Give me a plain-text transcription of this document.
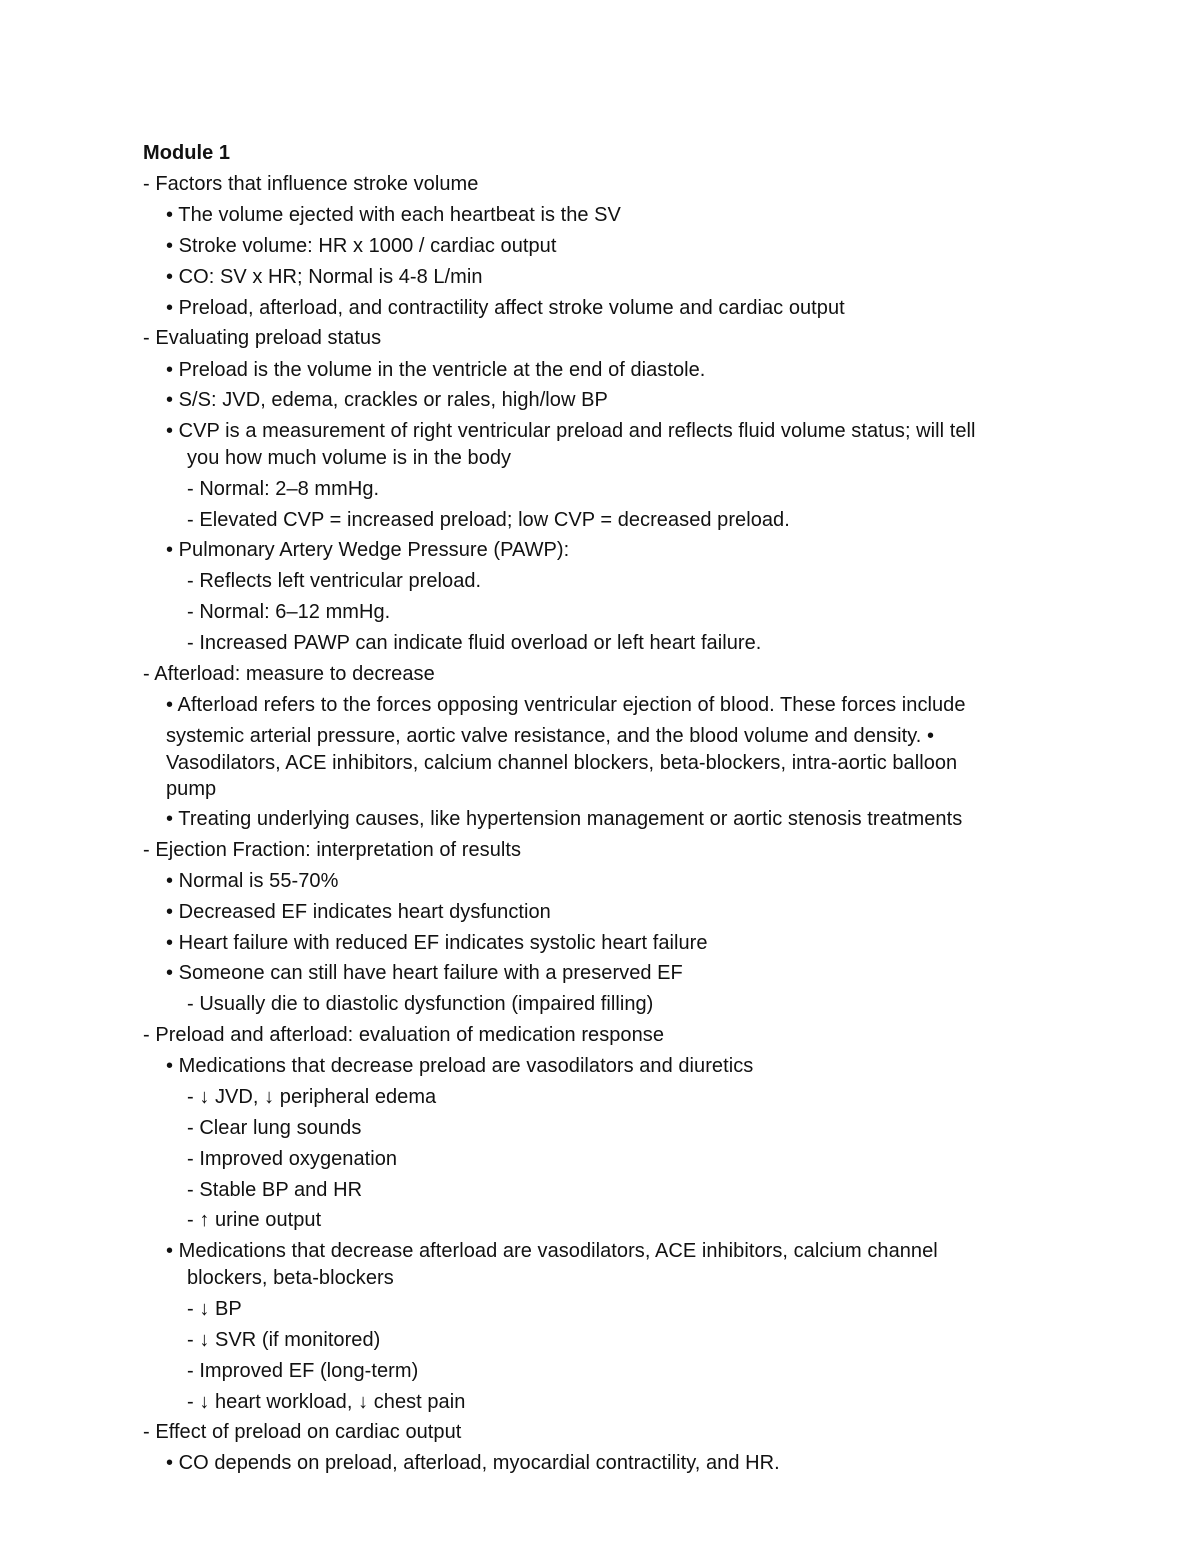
Module 1
- Factors that influence stroke volume
• The volume ejected with each heartbeat is the SV
• Stroke volume: HR x 1000 / cardiac output
• CO: SV x HR; Normal is 4-8 L/min
• Preload, afterload, and contractility affect stroke volume and cardiac output
- Evaluating preload status
• Preload is the volume in the ventricle at the end of diastole.
• S/S: JVD, edema, crackles or rales, high/low BP
• CVP is a measurement of right ventricular preload and reflects fluid volume status; will tell
you how much volume is in the body
- Normal: 2–8 mmHg.
- Elevated CVP = increased preload; low CVP = decreased preload.
• Pulmonary Artery Wedge Pressure (PAWP):
- Reflects left ventricular preload.
- Normal: 6–12 mmHg.
- Increased PAWP can indicate fluid overload or left heart failure.
- Afterload: measure to decrease
• Afterload refers to the forces opposing ventricular ejection of blood. These forces include
systemic arterial pressure, aortic valve resistance, and the blood volume and density. •
Vasodilators, ACE inhibitors, calcium channel blockers, beta-blockers, intra-aortic balloon
pump
• Treating underlying causes, like hypertension management or aortic stenosis treatments
- Ejection Fraction: interpretation of results
• Normal is 55-70%
• Decreased EF indicates heart dysfunction
• Heart failure with reduced EF indicates systolic heart failure
• Someone can still have heart failure with a preserved EF
- Usually die to diastolic dysfunction (impaired filling)
- Preload and afterload: evaluation of medication response
• Medications that decrease preload are vasodilators and diuretics
- ↓ JVD, ↓ peripheral edema
- Clear lung sounds
- Improved oxygenation
- Stable BP and HR
- ↑ urine output
• Medications that decrease afterload are vasodilators, ACE inhibitors, calcium channel
blockers, beta-blockers
- ↓ BP
- ↓ SVR (if monitored)
- Improved EF (long-term)
- ↓ heart workload, ↓ chest pain
- Effect of preload on cardiac output
• CO depends on preload, afterload, myocardial contractility, and HR.
